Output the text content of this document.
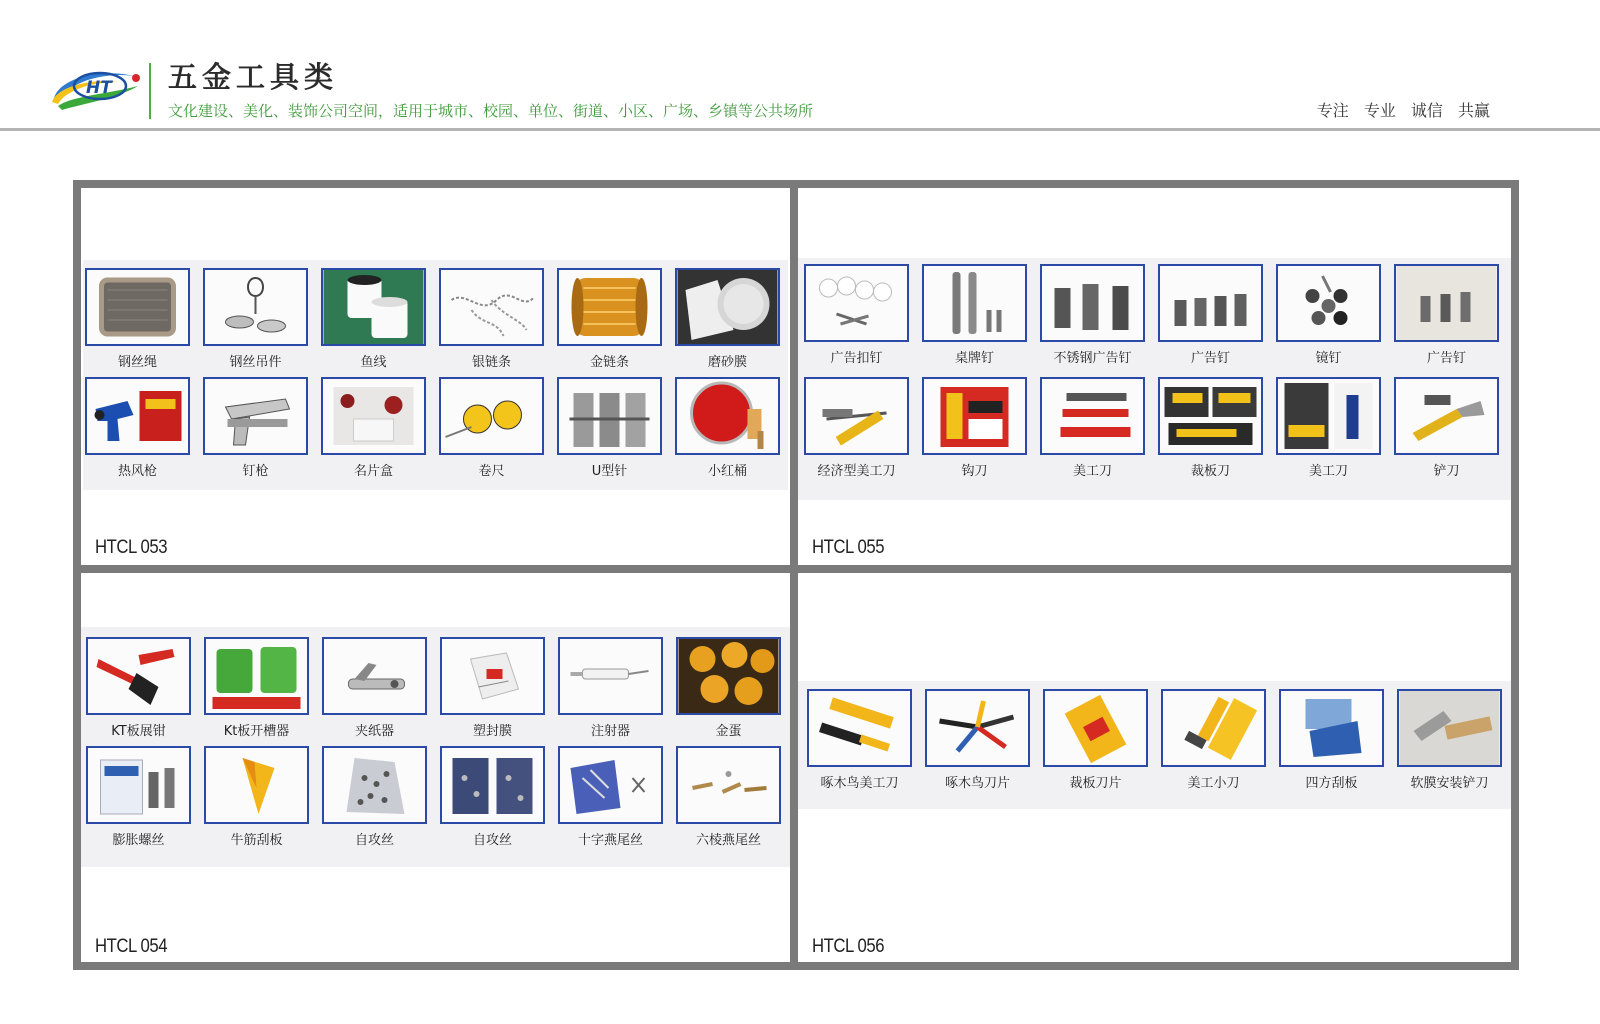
HT 五金工具类
文化建设、美化、装饰公司空间，适用于城市、校园、单位、街道、小区、广场、乡镇等公共场所	专注 专业 诚信 共赢
钢丝绳	钢丝吊件	鱼线	银链条	金链条	磨砂膜
热风枪	钉枪	名片盒	卷尺	U型针	小红桶
HTCL 053
广告扣钉	桌牌钉	不锈钢广告钉	广告钉	镜钉	广告钉
经济型美工刀	钩刀	美工刀	裁板刀	美工刀	铲刀
HTCL 055
KT板展钳	Kt板开槽器	夹纸器	塑封膜	注射器	金蛋
膨胀螺丝	牛筋刮板	自攻丝	自攻丝	十字燕尾丝	六棱燕尾丝
HTCL 054
啄木鸟美工刀	啄木鸟刀片	裁板刀片	美工小刀	四方刮板	软膜安装铲刀
HTCL 056
